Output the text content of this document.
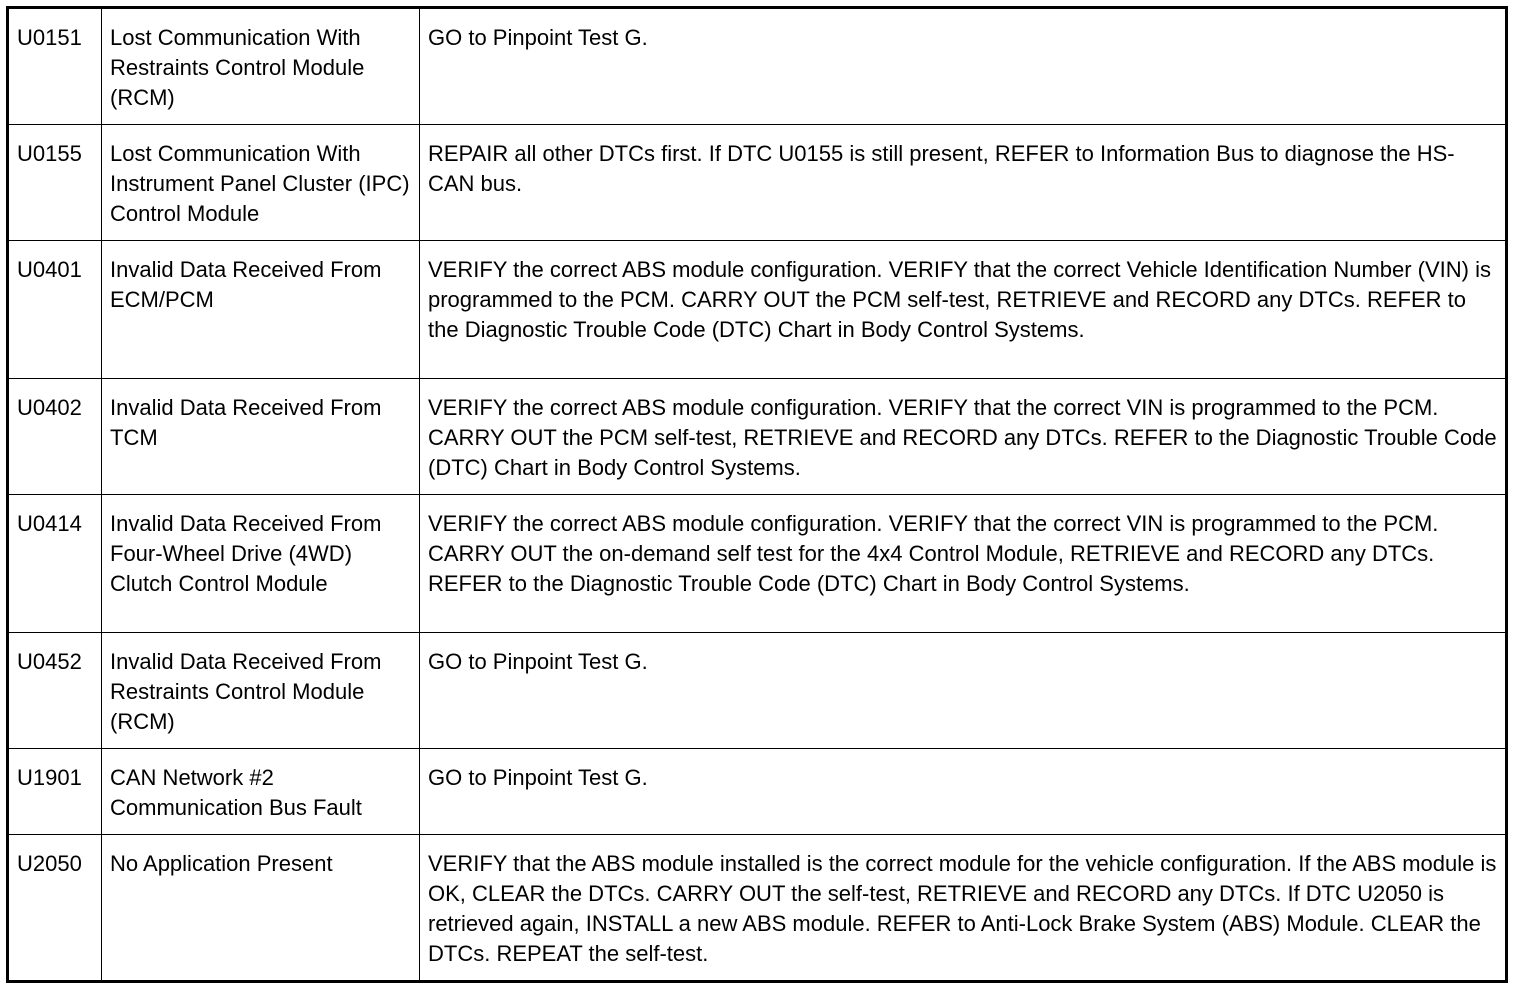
U0151	Lost Communication With Restraints Control Module (RCM)	GO to Pinpoint Test G.
U0155	Lost Communication With Instrument Panel Cluster (IPC) Control Module	REPAIR all other DTCs first. If DTC U0155 is still present, REFER to Information Bus to diagnose the HS-CAN bus.
U0401	Invalid Data Received From ECM/PCM	VERIFY the correct ABS module configuration. VERIFY that the correct Vehicle Identification Number (VIN) is programmed to the PCM. CARRY OUT the PCM self-test, RETRIEVE and RECORD any DTCs. REFER to the Diagnostic Trouble Code (DTC) Chart in Body Control Systems.
U0402	Invalid Data Received From TCM	VERIFY the correct ABS module configuration. VERIFY that the correct VIN is programmed to the PCM. CARRY OUT the PCM self-test, RETRIEVE and RECORD any DTCs. REFER to the Diagnostic Trouble Code (DTC) Chart in Body Control Systems.
U0414	Invalid Data Received From Four-Wheel Drive (4WD) Clutch Control Module	VERIFY the correct ABS module configuration. VERIFY that the correct VIN is programmed to the PCM. CARRY OUT the on-demand self test for the 4x4 Control Module, RETRIEVE and RECORD any DTCs. REFER to the Diagnostic Trouble Code (DTC) Chart in Body Control Systems.
U0452	Invalid Data Received From Restraints Control Module (RCM)	GO to Pinpoint Test G.
U1901	CAN Network #2 Communication Bus Fault	GO to Pinpoint Test G.
U2050	No Application Present	VERIFY that the ABS module installed is the correct module for the vehicle configuration. If the ABS module is OK, CLEAR the DTCs. CARRY OUT the self-test, RETRIEVE and RECORD any DTCs. If DTC U2050 is retrieved again, INSTALL a new ABS module. REFER to Anti-Lock Brake System (ABS) Module. CLEAR the DTCs. REPEAT the self-test.
